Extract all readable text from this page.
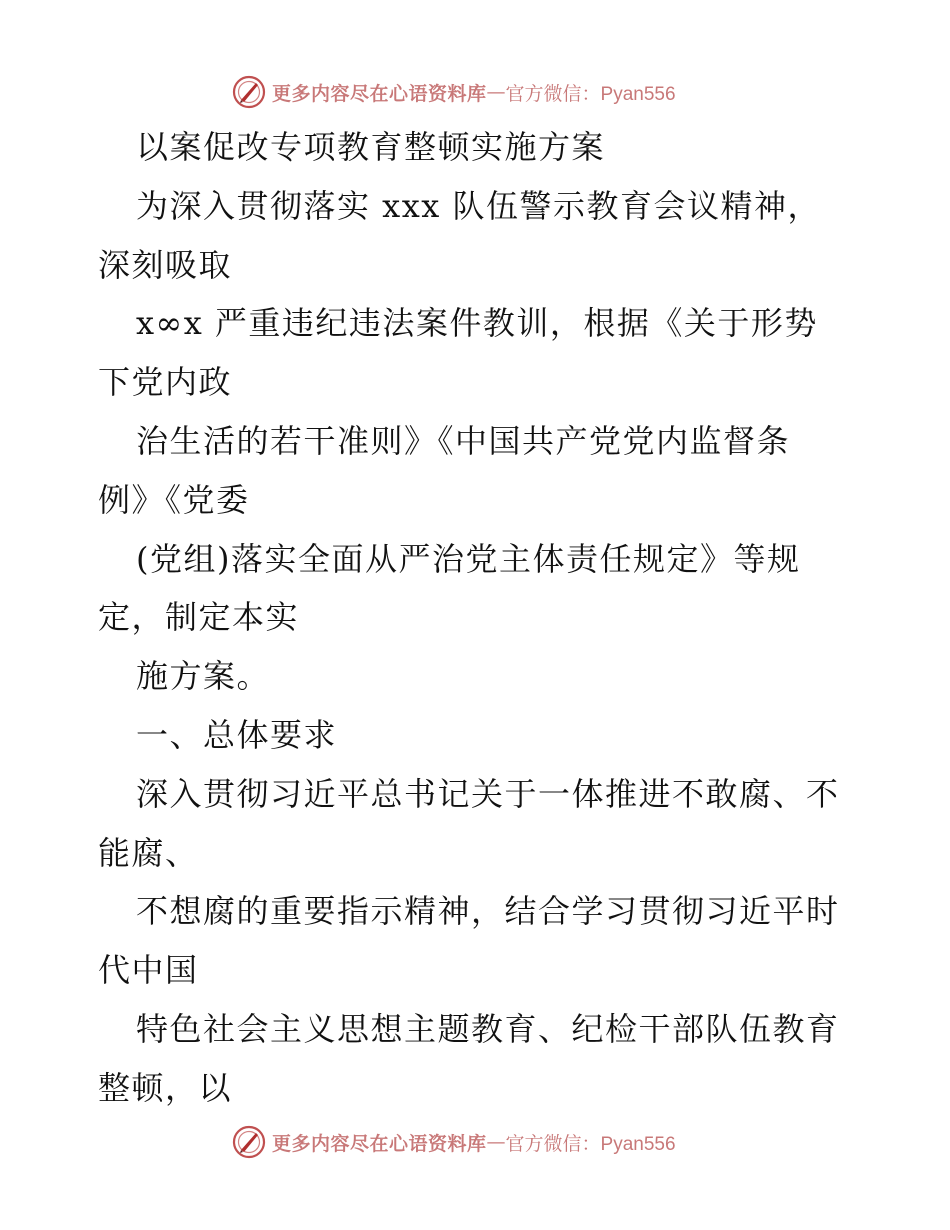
更多内容尽在心语资料库 — 官方微信：Pyan556
以案促改专项教育整顿实施方案
为深入贯彻落实 xxx 队伍警示教育会议精神，
深刻吸取
x∞x 严重违纪违法案件教训，根据《关于形势
下党内政
治生活的若干准则》《中国共产党党内监督条
例》《党委
(党组)落实全面从严治党主体责任规定》等规
定，制定本实
施方案。
一、总体要求
深入贯彻习近平总书记关于一体推进不敢腐、不
能腐、
不想腐的重要指示精神，结合学习贯彻习近平时
代中国
特色社会主义思想主题教育、纪检干部队伍教育
整顿，以
更多内容尽在心语资料库 — 官方微信：Pyan556
